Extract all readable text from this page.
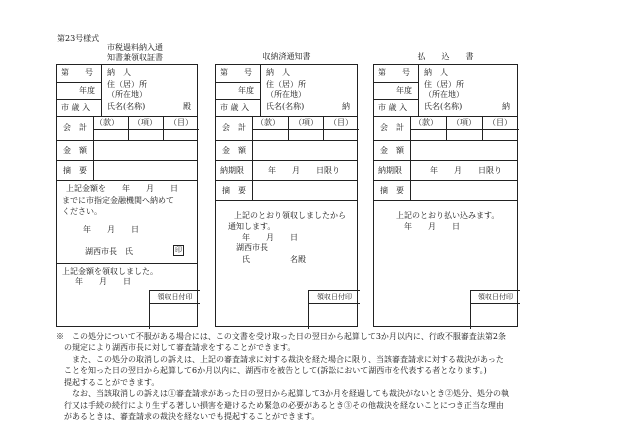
第23号様式
市税過料納入通
知書兼領収証書
第　　号
年度
市 歳 入
納　人
住（居）所
（所在地）
氏名(名称)	殿
会　計
（款） （項） （目）
金　額
摘　要
上記金額を　　年　　月　　日
までに市指定金融機関へ納めて
ください。
年　　月　　日
湖西市長　氏	印
上記金額を領収しました。
年　　月　　日
領収日付印
収納済通知書
第　　号
年度
市 歳 入
納　人
住（居）所
（所在地）
氏名(名称)	納
会　計
（款） （項） （目）
金　額
納期限	年　　月　　日限り
摘　要
上記のとおり領収しましたから
通知します。
年　　月　　日
湖西市長
氏　　　　　名殿
領収日付印
払　　込　　書
第　　号
年度
市 歳 入
納　人
住（居）所
（所在地）
氏名(名称)	納
会　計
（款） （項） （目）
金　額
納期限	年　　月　　日限り
摘　要
上記のとおり払い込みます。
年　　月　　日
領収日付印
※　この処分について不服がある場合には、この文書を受け取った日の翌日から起算して3か月以内に、行政不服審査法第2条
　の規定により湖西市長に対して審査請求をすることができます。
　　また、この処分の取消しの訴えは、上記の審査請求に対する裁決を経た場合に限り、当該審査請求に対する裁決があった
　ことを知った日の翌日から起算して6か月以内に、湖西市を被告として(訴訟において湖西市を代表する者となります。)
　提起することができます。
　　なお、当該取消しの訴えは①審査請求があった日の翌日から起算して3か月を経過しても裁決がないとき②処分、処分の執
　行又は手続の続行により生ずる著しい損害を避けるため緊急の必要があるとき③その他裁決を経ないことにつき正当な理由
　があるときは、審査請求の裁決を経ないでも提起することができます。
